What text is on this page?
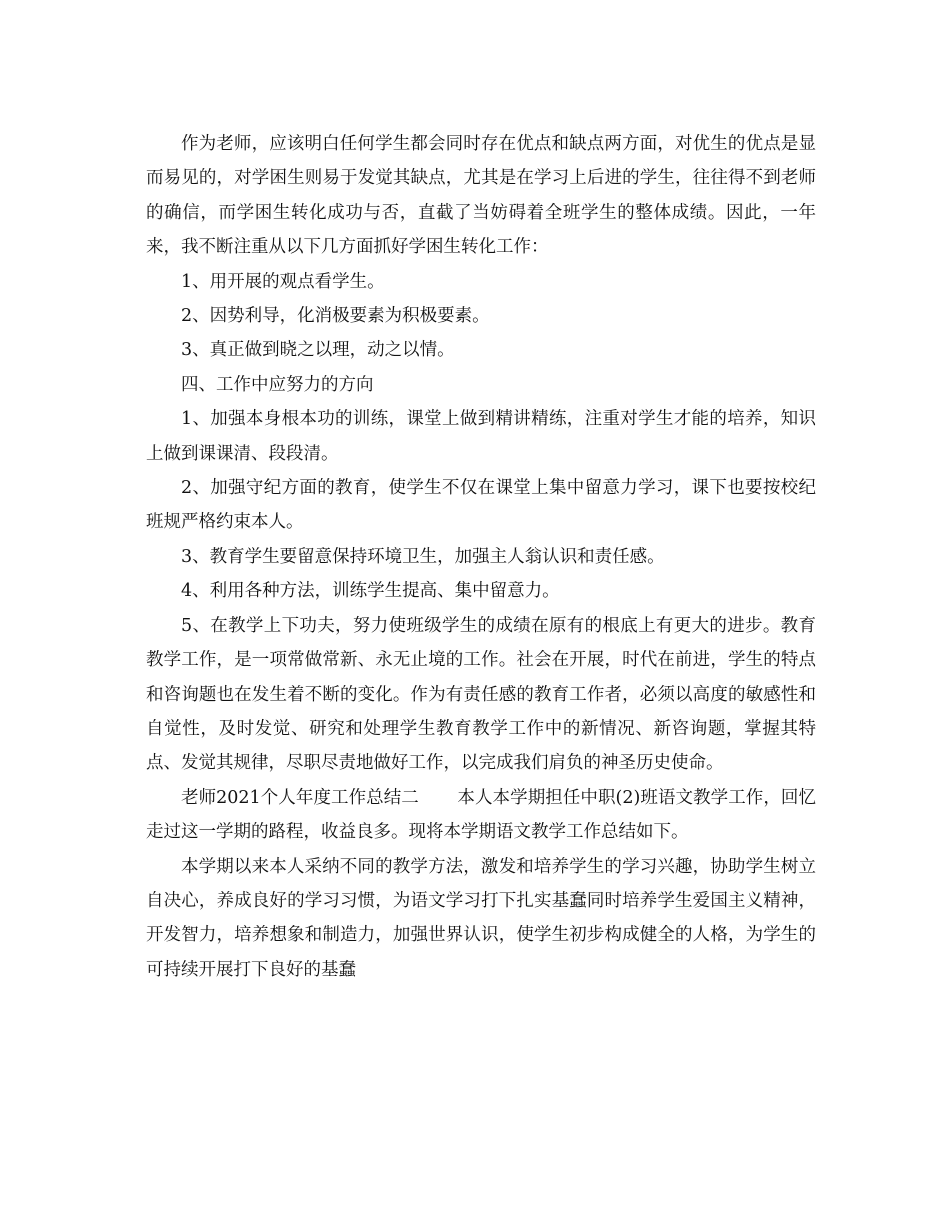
作为老师，应该明白任何学生都会同时存在优点和缺点两方面，对优生的优点是显而易见的，对学困生则易于发觉其缺点，尤其是在学习上后进的学生，往往得不到老师的确信，而学困生转化成功与否，直截了当妨碍着全班学生的整体成绩。因此，一年来，我不断注重从以下几方面抓好学困生转化工作：

1、用开展的观点看学生。

2、因势利导，化消极要素为积极要素。

3、真正做到晓之以理，动之以情。

四、工作中应努力的方向

1、加强本身根本功的训练，课堂上做到精讲精练，注重对学生才能的培养，知识上做到课课清、段段清。

2、加强守纪方面的教育，使学生不仅在课堂上集中留意力学习，课下也要按校纪班规严格约束本人。

3、教育学生要留意保持环境卫生，加强主人翁认识和责任感。

4、利用各种方法，训练学生提高、集中留意力。

5、在教学上下功夫，努力使班级学生的成绩在原有的根底上有更大的进步。教育教学工作，是一项常做常新、永无止境的工作。社会在开展，时代在前进，学生的特点和咨询题也在发生着不断的变化。作为有责任感的教育工作者，必须以高度的敏感性和自觉性，及时发觉、研究和处理学生教育教学工作中的新情况、新咨询题，掌握其特点、发觉其规律，尽职尽责地做好工作，以完成我们肩负的神圣历史使命。

老师2021个人年度工作总结二 本人本学期担任中职(2)班语文教学工作，回忆走过这一学期的路程，收益良多。现将本学期语文教学工作总结如下。

本学期以来本人采纳不同的教学方法，激发和培养学生的学习兴趣，协助学生树立自决心，养成良好的学习习惯，为语文学习打下扎实基蠢同时培养学生爱国主义精神，开发智力，培养想象和制造力，加强世界认识，使学生初步构成健全的人格，为学生的可持续开展打下良好的基蠢
